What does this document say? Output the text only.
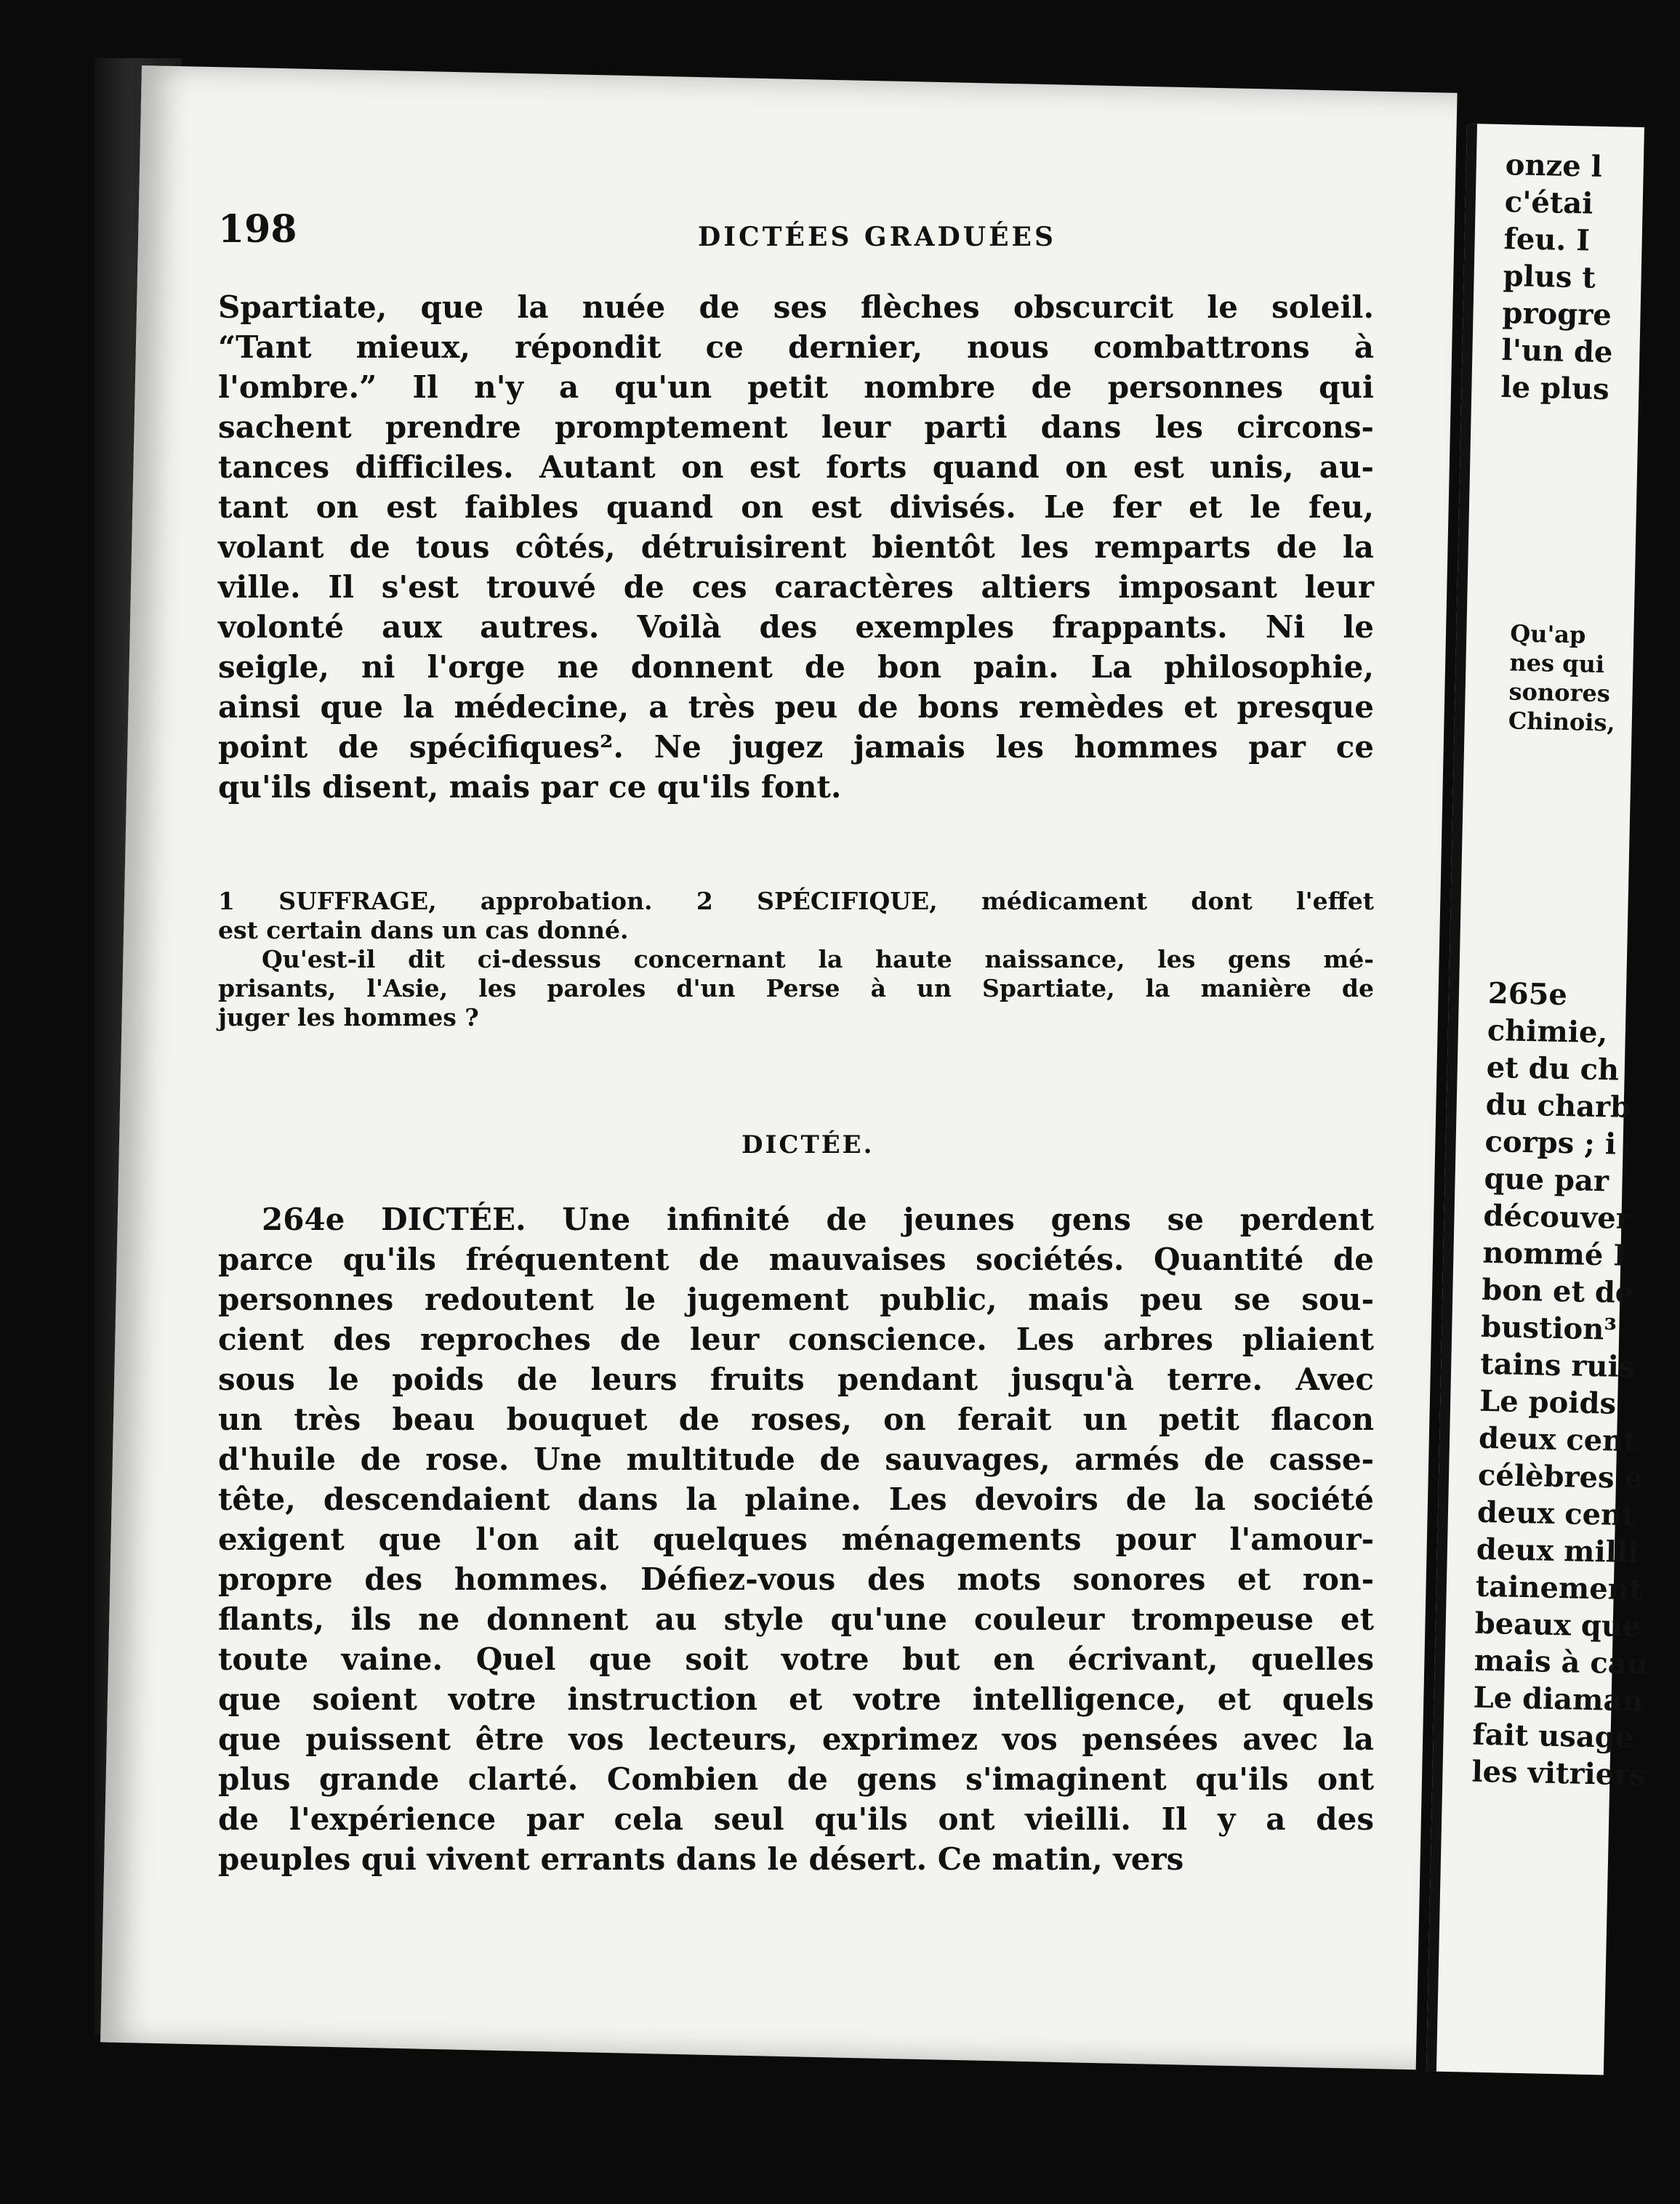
198	DICTÉES GRADUÉES
Spartiate, que la nuée de ses flèches obscurcit le soleil.
“Tant mieux, répondit ce dernier, nous combattrons à
l'ombre.” Il n'y a qu'un petit nombre de personnes qui
sachent prendre promptement leur parti dans les circons-
tances difficiles. Autant on est forts quand on est unis, au-
tant on est faibles quand on est divisés. Le fer et le feu,
volant de tous côtés, détruisirent bientôt les remparts de la
ville. Il s'est trouvé de ces caractères altiers imposant leur
volonté aux autres. Voilà des exemples frappants. Ni le
seigle, ni l'orge ne donnent de bon pain. La philosophie,
ainsi que la médecine, a très peu de bons remèdes et presque
point de spécifiques². Ne jugez jamais les hommes par ce
qu'ils disent, mais par ce qu'ils font.
1 SUFFRAGE, approbation. 2 SPÉCIFIQUE, médicament dont l'effet
est certain dans un cas donné.
Qu'est-il dit ci-dessus concernant la haute naissance, les gens mé-
prisants, l'Asie, les paroles d'un Perse à un Spartiate, la manière de
juger les hommes ?
DICTÉE.
264e DICTÉE. Une infinité de jeunes gens se perdent
parce qu'ils fréquentent de mauvaises sociétés. Quantité de
personnes redoutent le jugement public, mais peu se sou-
cient des reproches de leur conscience. Les arbres pliaient
sous le poids de leurs fruits pendant jusqu'à terre. Avec
un très beau bouquet de roses, on ferait un petit flacon
d'huile de rose. Une multitude de sauvages, armés de casse-
tête, descendaient dans la plaine. Les devoirs de la société
exigent que l'on ait quelques ménagements pour l'amour-
propre des hommes. Défiez-vous des mots sonores et ron-
flants, ils ne donnent au style qu'une couleur trompeuse et
toute vaine. Quel que soit votre but en écrivant, quelles
que soient votre instruction et votre intelligence, et quels
que puissent être vos lecteurs, exprimez vos pensées avec la
plus grande clarté. Combien de gens s'imaginent qu'ils ont
de l'expérience par cela seul qu'ils ont vieilli. Il y a des
peuples qui vivent errants dans le désert. Ce matin, vers
onze l
c'étai
feu. I
plus t
progre
l'un de
le plus
Qu'ap
nes qui
sonores
Chinois,
265e
chimie,
et du ch
du charb
corps ; i
que par
découver
nommé I
bon et de
bustion³
tains ruis
Le poids
deux cent
célèbres e
deux cent
deux milli
tainement
beaux que
mais à cau
Le diaman
fait usage
les vitriers
